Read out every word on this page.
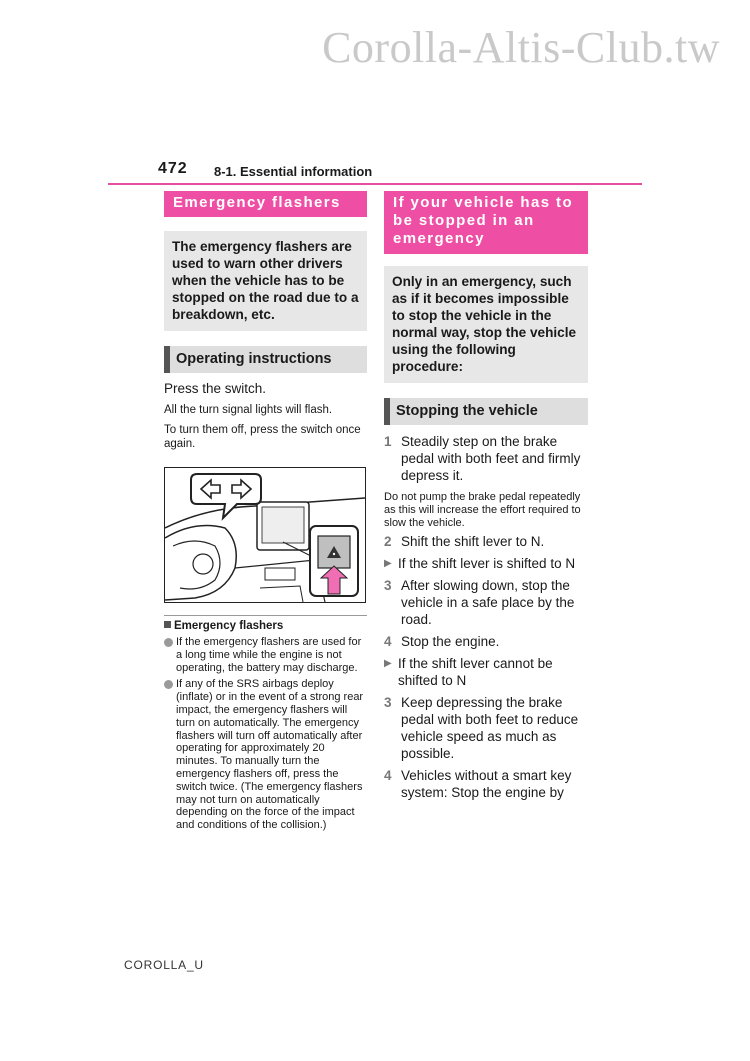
Corolla-Altis-Club.tw
472 8-1. Essential information
Emergency flashers
The emergency flashers are used to warn other drivers when the vehicle has to be stopped on the road due to a breakdown, etc.
Operating instructions
Press the switch.
All the turn signal lights will flash.
To turn them off, press the switch once again.
Emergency flashers
If the emergency flashers are used for a long time while the engine is not operating, the battery may discharge.
If any of the SRS airbags deploy (inflate) or in the event of a strong rear impact, the emergency flashers will turn on automatically. The emergency flashers will turn off automatically after operating for approximately 20 minutes. To manually turn the emergency flashers off, press the switch twice. (The emergency flashers may not turn on automatically depending on the force of the impact and conditions of the collision.)
If your vehicle has to be stopped in an emergency
Only in an emergency, such as if it becomes impossible to stop the vehicle in the normal way, stop the vehicle using the following procedure:
Stopping the vehicle
1 Steadily step on the brake pedal with both feet and firmly depress it.
Do not pump the brake pedal repeatedly as this will increase the effort required to slow the vehicle.
2 Shift the shift lever to N.
▶ If the shift lever is shifted to N
3 After slowing down, stop the vehicle in a safe place by the road.
4 Stop the engine.
▶ If the shift lever cannot be shifted to N
3 Keep depressing the brake pedal with both feet to reduce vehicle speed as much as possible.
4 Vehicles without a smart key system: Stop the engine by
COROLLA_U
